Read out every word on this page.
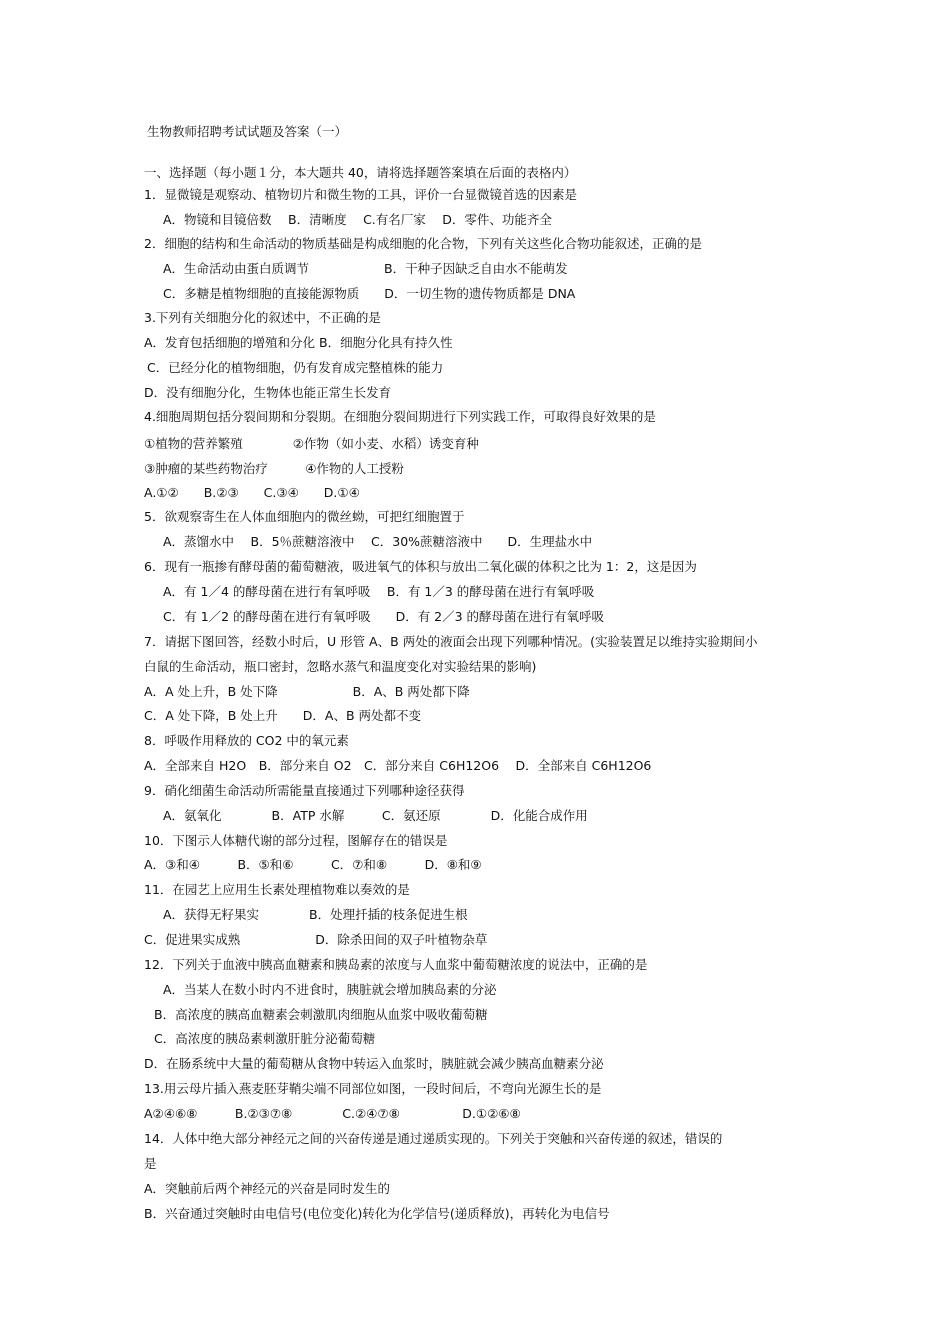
生物教师招聘考试试题及答案（一）
一、选择题（每小题１分，本大题共 40，请将选择题答案填在后面的表格内）
1．显微镜是观察动、植物切片和微生物的工具，评价一台显微镜首选的因素是
A．物镜和目镜倍数　 B．清晰度　 C.有名厂家　 D．零件、功能齐全
2．细胞的结构和生命活动的物质基础是构成细胞的化合物，下列有关这些化合物功能叙述，正确的是
A．生命活动由蛋白质调节　　　　　　B．干种子因缺乏自由水不能萌发
C．多糖是植物细胞的直接能源物质　　D．一切生物的遗传物质都是 DNA
3.下列有关细胞分化的叙述中，不正确的是
A．发育包括细胞的增殖和分化 B．细胞分化具有持久性
C．已经分化的植物细胞，仍有发育成完整植株的能力
D．没有细胞分化，生物体也能正常生长发育
4.细胞周期包括分裂间期和分裂期。在细胞分裂间期进行下列实践工作，可取得良好效果的是
①植物的营养繁殖　　　　②作物（如小麦、水稻）诱变育种
③肿瘤的某些药物治疗　　　④作物的人工授粉
A.①②　　B.②③　　C.③④　　D.①④
5．欲观察寄生在人体血细胞内的微丝蚴，可把红细胞置于
A．蒸馏水中　 B．5％蔗糖溶液中　 C．30%蔗糖溶液中　　D．生理盐水中
6．现有一瓶掺有酵母菌的葡萄糖液，吸进氧气的体积与放出二氧化碳的体积之比为 1：2，这是因为
A．有 1／4 的酵母菌在进行有氧呼吸　 B．有 1／3 的酵母菌在进行有氧呼吸
C．有 1／2 的酵母菌在进行有氧呼吸　　D．有 2／3 的酵母菌在进行有氧呼吸
7．请据下图回答，经数小时后，U 形管 A、B 两处的液面会出现下列哪种情况。(实验装置足以维持实验期间小
白鼠的生命活动，瓶口密封，忽略水蒸气和温度变化对实验结果的影响)
A．A 处上升，B 处下降　　　　　　B．A、B 两处都下降
C．A 处下降，B 处上升　　D．A、B 两处都不变
8．呼吸作用释放的 CO2 中的氧元素
A．全部来自 H2O　B．部分来自 O2　C．部分来自 C6H12O6　 D．全部来自 C6H12O6
9．硝化细菌生命活动所需能量直接通过下列哪种途径获得
A．氨氧化　　　　B．ATP 水解　　　C．氨还原　　　　D．化能合成作用
10．下图示人体糖代谢的部分过程，图解存在的错误是
A．③和④　　　B．⑤和⑥　　　C．⑦和⑧　　　D．⑧和⑨
11．在园艺上应用生长素处理植物难以奏效的是
A．获得无籽果实　　　　B．处理扦插的枝条促进生根
C．促进果实成熟　　　　　　D．除杀田间的双子叶植物杂草
12．下列关于血液中胰高血糖素和胰岛素的浓度与人血浆中葡萄糖浓度的说法中，正确的是
A．当某人在数小时内不进食时，胰脏就会增加胰岛素的分泌
B．高浓度的胰高血糖素会刺激肌肉细胞从血浆中吸收葡萄糖
C．高浓度的胰岛素刺激肝脏分泌葡萄糖
D．在肠系统中大量的葡萄糖从食物中转运入血浆时，胰脏就会减少胰高血糖素分泌
13.用云母片插入燕麦胚芽鞘尖端不同部位如图，一段时间后，不弯向光源生长的是
A②④⑥⑧　　　B.②③⑦⑧　　　　C.②④⑦⑧　　　　　D.①②⑥⑧
14．人体中绝大部分神经元之间的兴奋传递是通过递质实现的。下列关于突触和兴奋传递的叙述，错误的
是
A．突触前后两个神经元的兴奋是同时发生的
B．兴奋通过突触时由电信号(电位变化)转化为化学信号(递质释放)，再转化为电信号
